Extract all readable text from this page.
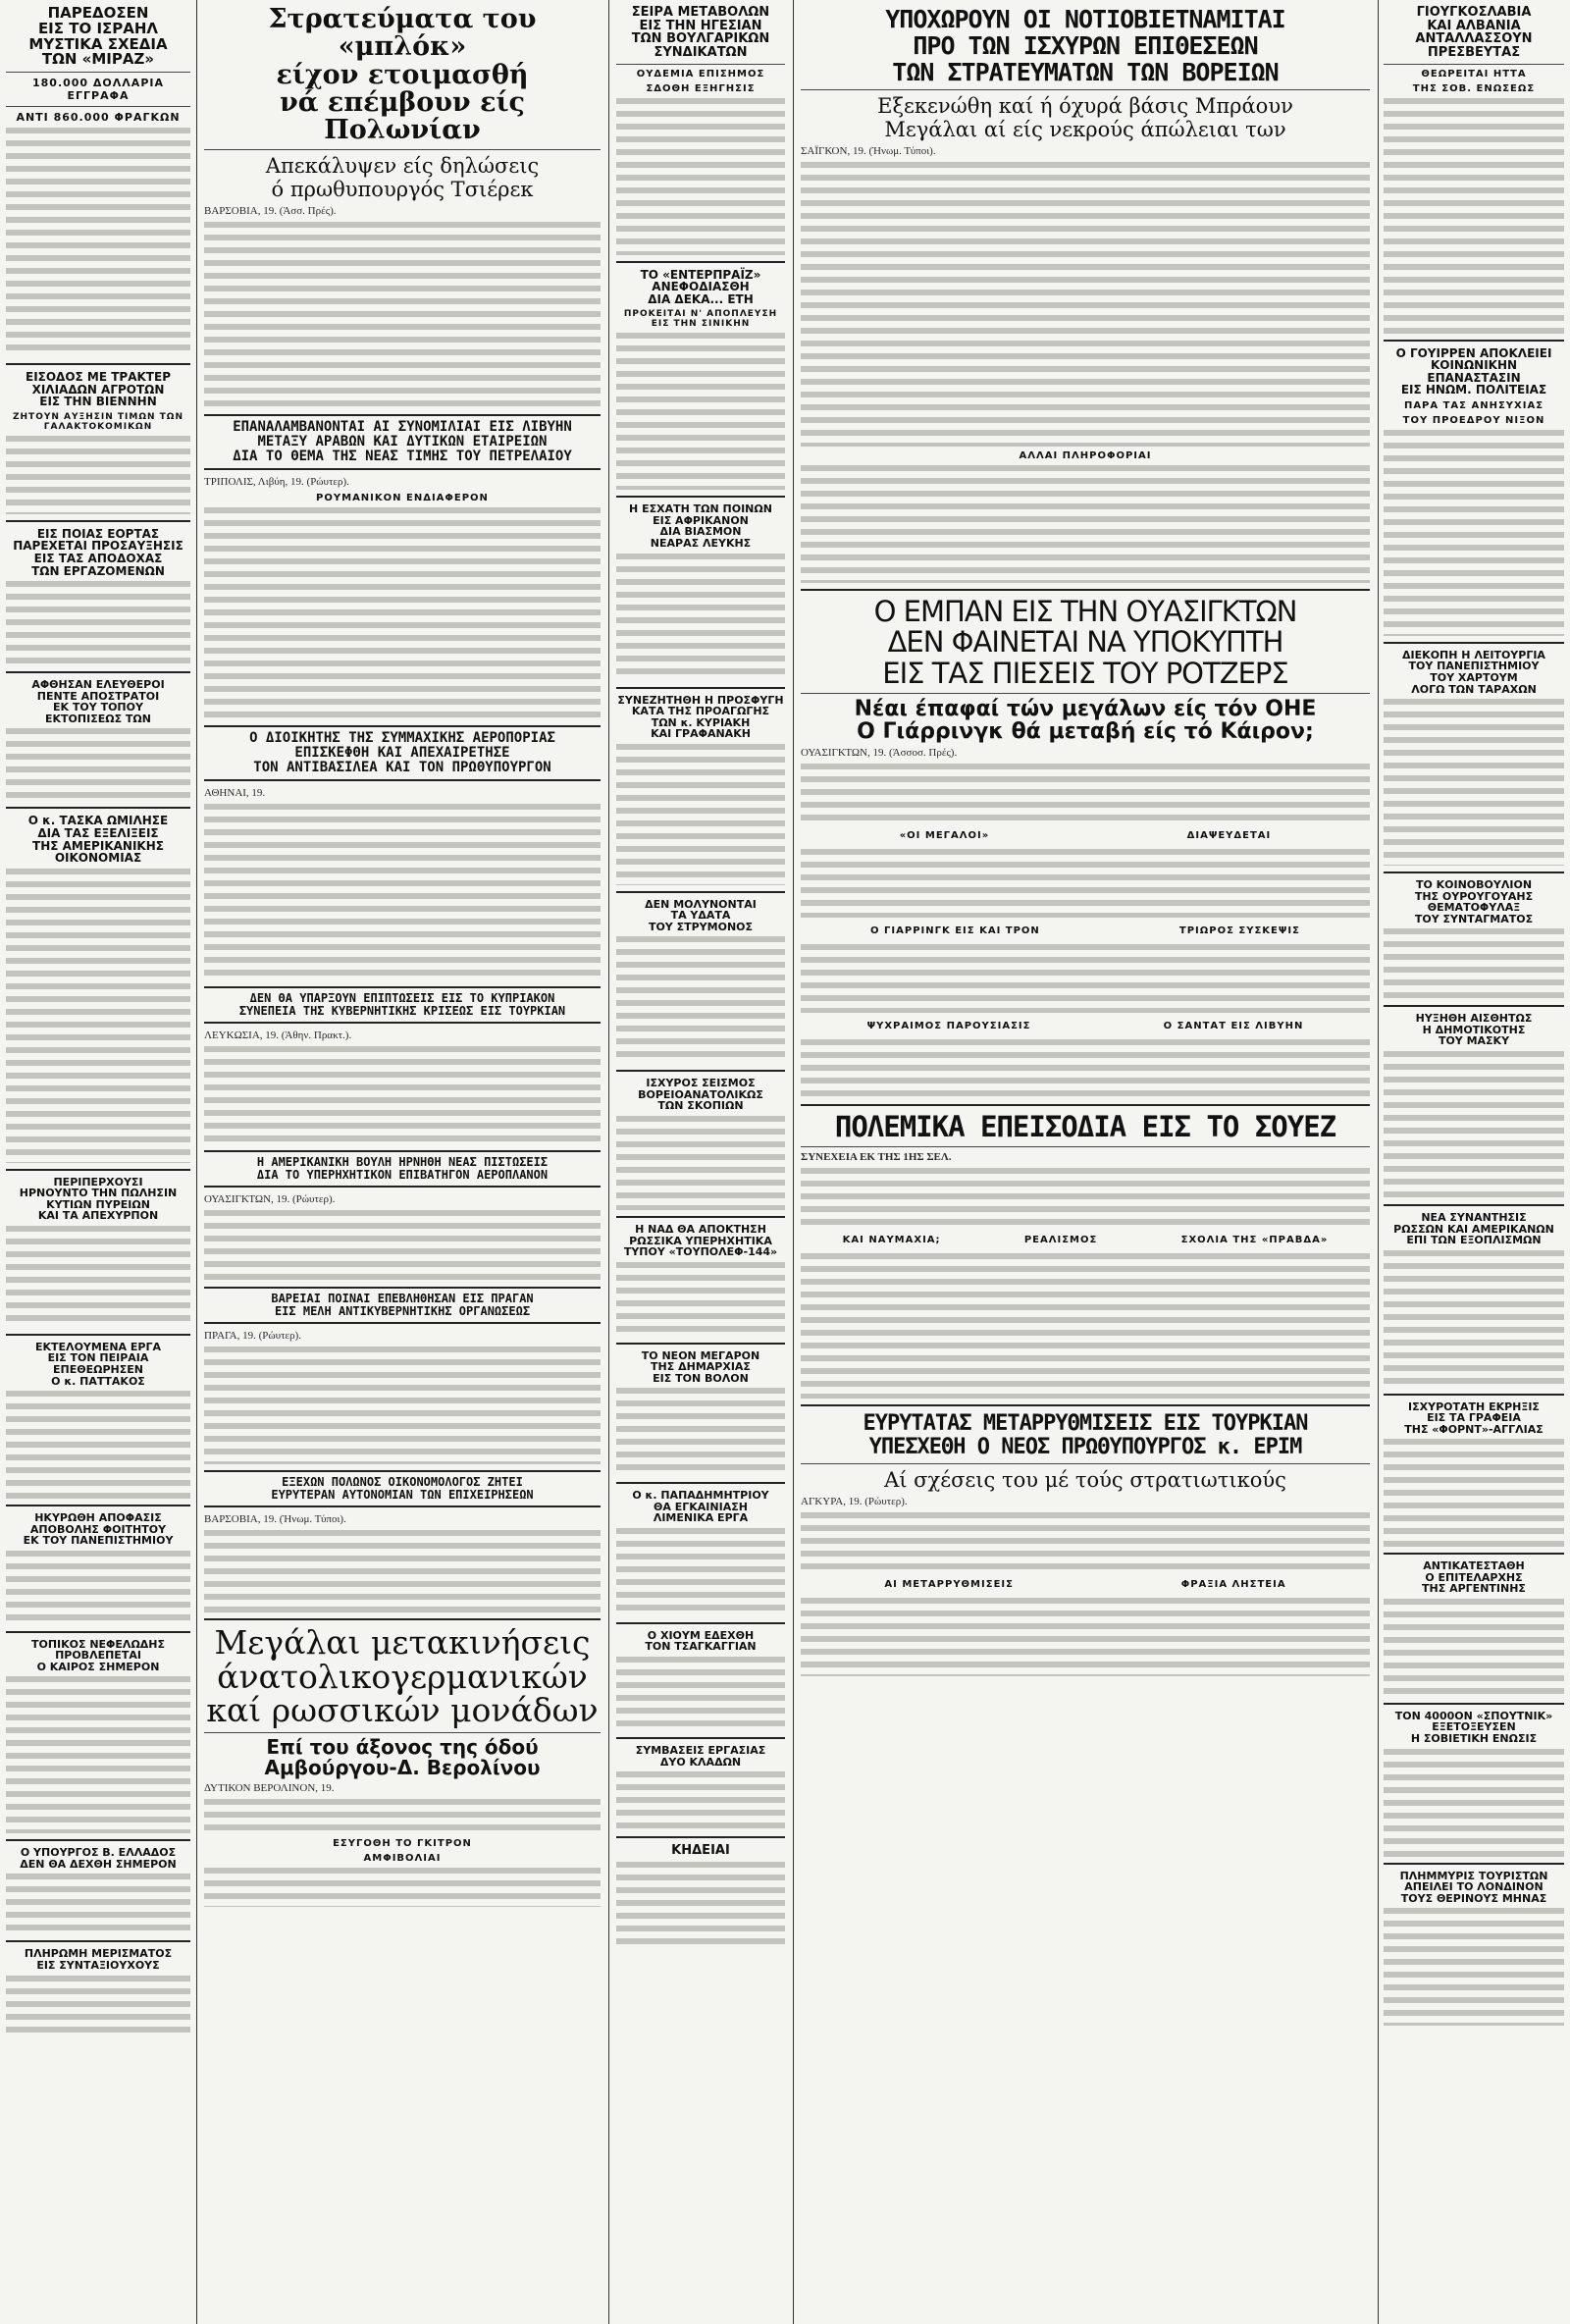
ΠΑΡΕΔΟΣΕΝ

ΕΙΣ ΤΟ ΙΣΡΑΗΛ

ΜΥΣΤΙΚΑ ΣΧΕΔΙΑ

ΤΩΝ «ΜΙΡΑΖ»

180.000 ΔΟΛΛΑΡΙΑ ΕΓΓΡΑΦΑ

ΑΝΤΙ 860.000 ΦΡΑΓΚΩΝ

ΕΙΣΟΔΟΣ ΜΕ ΤΡΑΚΤΕΡ

ΧΙΛΙΑΔΩΝ ΑΓΡΟΤΩΝ

ΕΙΣ ΤΗΝ ΒΙΕΝΝΗΝ

ΖΗΤΟΥΝ ΑΥΞΗΣΙΝ ΤΙΜΩΝ ΤΩΝ ΓΑΛΑΚΤΟΚΟΜΙΚΩΝ

ΕΙΣ ΠΟΙΑΣ ΕΟΡΤΑΣ

ΠΑΡΕΧΕΤΑΙ ΠΡΟΣΑΥΞΗΣΙΣ

ΕΙΣ ΤΑΣ ΑΠΟΔΟΧΑΣ

ΤΩΝ ΕΡΓΑΖΟΜΕΝΩΝ

ΑΦΘΗΣΑΝ ΕΛΕΥΘΕΡΟΙ

ΠΕΝΤΕ ΑΠΟΣΤΡΑΤΟΙ

ΕΚ ΤΟΥ ΤΟΠΟΥ

ΕΚΤΟΠΙΣΕΩΣ ΤΩΝ

Ο κ. ΤΑΣΚΑ ΩΜΙΛΗΣΕ

ΔΙΑ ΤΑΣ ΕΞΕΛΙΞΕΙΣ

ΤΗΣ ΑΜΕΡΙΚΑΝΙΚΗΣ

ΟΙΚΟΝΟΜΙΑΣ

ΠΕΡΙΠΕΡΧΟΥΣΙ

ΗΡΝΟΥΝΤΟ ΤΗΝ ΠΩΛΗΣΙΝ

ΚΥΤΙΩΝ ΠΥΡΕΙΩΝ

ΚΑΙ ΤΑ ΑΠΕΧΥΡΠΟΝ

ΕΚΤΕΛΟΥΜΕΝΑ ΕΡΓΑ

ΕΙΣ ΤΟΝ ΠΕΙΡΑΙΑ

ΕΠΕΘΕΩΡΗΣΕΝ

Ο κ. ΠΑΤΤΑΚΟΣ

ΗΚΥΡΩΘΗ ΑΠΟΦΑΣΙΣ

ΑΠΟΒΟΛΗΣ ΦΟΙΤΗΤΟΥ

ΕΚ ΤΟΥ ΠΑΝΕΠΙΣΤΗΜΙΟΥ

ΤΟΠΙΚΟΣ ΝΕΦΕΛΩΔΗΣ

ΠΡΟΒΛΕΠΕΤΑΙ

Ο ΚΑΙΡΟΣ ΣΗΜΕΡΟΝ

Ο ΥΠΟΥΡΓΟΣ Β. ΕΛΛΑΔΟΣ

ΔΕΝ ΘΑ ΔΕΧΘΗ ΣΗΜΕΡΟΝ

ΠΛΗΡΩΜΗ ΜΕΡΙΣΜΑΤΟΣ

ΕΙΣ ΣΥΝΤΑΞΙΟΥΧΟΥΣ

Στρατεύματα του «μπλόκ»

είχον ετοιμασθή

νά επέμβουν είς Πολωνίαν

Απεκάλυψεν είς δηλώσεις

ό πρωθυπουργός Τσιέρεκ

ΒΑΡΣΟΒΙΑ, 19. (Άσσ. Πρές).

ΕΠΑΝΑΛΑΜΒΑΝΟΝΤΑΙ ΑΙ ΣΥΝΟΜΙΛΙΑΙ ΕΙΣ ΛΙΒΥΗΝ

ΜΕΤΑΞΥ ΑΡΑΒΩΝ ΚΑΙ ΔΥΤΙΚΩΝ ΕΤΑΙΡΕΙΩΝ

ΔΙΑ ΤΟ ΘΕΜΑ ΤΗΣ ΝΕΑΣ ΤΙΜΗΣ ΤΟΥ ΠΕΤΡΕΛΑΙΟΥ

ΤΡΙΠΟΛΙΣ, Λιβύη, 19. (Ρώυτερ).

ΡΟΥΜΑΝΙΚΟΝ ΕΝΔΙΑΦΕΡΟΝ

Ο ΔΙΟΙΚΗΤΗΣ ΤΗΣ ΣΥΜΜΑΧΙΚΗΣ ΑΕΡΟΠΟΡΙΑΣ

ΕΠΙΣΚΕΦΘΗ ΚΑΙ ΑΠΕΧΑΙΡΕΤΗΣΕ

ΤΟΝ ΑΝΤΙΒΑΣΙΛΕΑ ΚΑΙ ΤΟΝ ΠΡΩΘΥΠΟΥΡΓΟΝ

ΑΘΗΝΑΙ, 19.

ΔΕΝ ΘΑ ΥΠΑΡΞΟΥΝ ΕΠΙΠΤΩΣΕΙΣ ΕΙΣ ΤΟ ΚΥΠΡΙΑΚΟΝ

ΣΥΝΕΠΕΙΑ ΤΗΣ ΚΥΒΕΡΝΗΤΙΚΗΣ ΚΡΙΣΕΩΣ ΕΙΣ ΤΟΥΡΚΙΑΝ

ΛΕΥΚΩΣΙΑ, 19. (Άθην. Πρακτ.).

Η ΑΜΕΡΙΚΑΝΙΚΗ ΒΟΥΛΗ ΗΡΝΗΘΗ ΝΕΑΣ ΠΙΣΤΩΣΕΙΣ

ΔΙΑ ΤΟ ΥΠΕΡΗΧΗΤΙΚΟΝ ΕΠΙΒΑΤΗΓΟΝ ΑΕΡΟΠΛΑΝΟΝ

ΟΥΑΣΙΓΚΤΩΝ, 19. (Ρώυτερ).

ΒΑΡΕΙΑΙ ΠΟΙΝΑΙ ΕΠΕΒΛΗΘΗΣΑΝ ΕΙΣ ΠΡΑΓΑΝ

ΕΙΣ ΜΕΛΗ ΑΝΤΙΚΥΒΕΡΝΗΤΙΚΗΣ ΟΡΓΑΝΩΣΕΩΣ

ΠΡΑΓΑ, 19. (Ρώυτερ).

ΕΞΕΧΩΝ ΠΟΛΩΝΟΣ ΟΙΚΟΝΟΜΟΛΟΓΟΣ ΖΗΤΕΙ

ΕΥΡΥΤΕΡΑΝ ΑΥΤΟΝΟΜΙΑΝ ΤΩΝ ΕΠΙΧΕΙΡΗΣΕΩΝ

ΒΑΡΣΟΒΙΑ, 19. (Ήνωμ. Τύποι).

Μεγάλαι μετακινήσεις

άνατολικογερμανικών

καί ρωσσικών μονάδων

Επί του άξονος της όδού

Αμβούργου-Δ. Βερολίνου

ΔΥΤΙΚΟΝ ΒΕΡΟΛΙΝΟΝ, 19.

ΕΣΥΓΟΘΗ ΤΟ ΓΚΙΤΡΟΝ

ΑΜΦΙΒΟΛΙΑΙ

ΣΕΙΡΑ ΜΕΤΑΒΟΛΩΝ

ΕΙΣ ΤΗΝ ΗΓΕΣΙΑΝ

ΤΩΝ ΒΟΥΛΓΑΡΙΚΩΝ

ΣΥΝΔΙΚΑΤΩΝ

ΟΥΔΕΜΙΑ ΕΠΙΣΗΜΟΣ

ΣΔΟΘΗ ΕΞΗΓΗΣΙΣ

ΤΟ «ΕΝΤΕΡΠΡΑΪΖ»

ΑΝΕΦΟΔΙΑΣΘΗ

ΔΙΑ ΔΕΚΑ... ΕΤΗ

ΠΡΟΚΕΙΤΑΙ Ν' ΑΠΟΠΛΕΥΣΗ ΕΙΣ ΤΗΝ ΣΙΝΙΚΗΝ

Η ΕΣΧΑΤΗ ΤΩΝ ΠΟΙΝΩΝ

ΕΙΣ ΑΦΡΙΚΑΝΟΝ

ΔΙΑ ΒΙΑΣΜΟΝ

ΝΕΑΡΑΣ ΛΕΥΚΗΣ

ΣΥΝΕΖΗΤΗΘΗ Η ΠΡΟΣΦΥΓΗ

ΚΑΤΑ ΤΗΣ ΠΡΟΑΓΩΓΗΣ

ΤΩΝ κ. ΚΥΡΙΑΚΗ

ΚΑΙ ΓΡΑΦΑΝΑΚΗ

ΔΕΝ ΜΟΛΥΝΟΝΤΑΙ

ΤΑ ΥΔΑΤΑ

ΤΟΥ ΣΤΡΥΜΟΝΟΣ

ΙΣΧΥΡΟΣ ΣΕΙΣΜΟΣ

ΒΟΡΕΙΟΑΝΑΤΟΛΙΚΩΣ

ΤΩΝ ΣΚΟΠΙΩΝ

Η ΝΑΔ ΘΑ ΑΠΟΚΤΗΣΗ

ΡΩΣΣΙΚΑ ΥΠΕΡΗΧΗΤΙΚΑ

ΤΥΠΟΥ «ΤΟΥΠΟΛΕΦ-144»

ΤΟ ΝΕΟΝ ΜΕΓΑΡΟΝ

ΤΗΣ ΔΗΜΑΡΧΙΑΣ

ΕΙΣ ΤΟΝ ΒΟΛΟΝ

Ο κ. ΠΑΠΑΔΗΜΗΤΡΙΟΥ

ΘΑ ΕΓΚΑΙΝΙΑΣΗ

ΛΙΜΕΝΙΚΑ ΕΡΓΑ

Ο ΧΙΟΥΜ ΕΔΕΧΘΗ

ΤΟΝ ΤΣΑΓΚΑΓΓΙΑΝ

ΣΥΜΒΑΣΕΙΣ ΕΡΓΑΣΙΑΣ

ΔΥΟ ΚΛΑΔΩΝ

ΚΗΔΕΙΑΙ

ΥΠΟΧΩΡΟΥΝ ΟΙ ΝΟΤΙΟΒΙΕΤΝΑΜΙΤΑΙ

ΠΡΟ ΤΩΝ ΙΣΧΥΡΩΝ ΕΠΙΘΕΣΕΩΝ

ΤΩΝ ΣΤΡΑΤΕΥΜΑΤΩΝ ΤΩΝ ΒΟΡΕΙΩΝ

Εξεκενώθη καί ή όχυρά βάσις Μπράουν

Μεγάλαι αί είς νεκρούς άπώλειαι των

ΣΑΪΓΚΟΝ, 19. (Ήνωμ. Τύποι).

ΑΛΛΑΙ ΠΛΗΡΟΦΟΡΙΑΙ

Ο ΕΜΠΑΝ ΕΙΣ ΤΗΝ ΟΥΑΣΙΓΚΤΩΝ

ΔΕΝ ΦΑΙΝΕΤΑΙ ΝΑ ΥΠΟΚΥΠΤΗ

ΕΙΣ ΤΑΣ ΠΙΕΣΕΙΣ ΤΟΥ ΡΟΤΖΕΡΣ

Νέαι έπαφαί τών μεγάλων είς τόν ΟΗΕ

Ο Γιάρρινγκ θά μεταβή είς τό Κάιρον;

ΟΥΑΣΙΓΚΤΩΝ, 19. (Άσσοσ. Πρές).

«ΟΙ ΜΕΓΑΛΟΙ»	ΔΙΑΨΕΥΔΕΤΑΙ

Ο ΓΙΑΡΡΙΝΓΚ ΕΙΣ ΚΑΙ ΤΡΟΝ	ΤΡΙΩΡΟΣ ΣΥΣΚΕΨΙΣ

ΨΥΧΡΑΙΜΟΣ ΠΑΡΟΥΣΙΑΣΙΣ	Ο ΣΑΝΤΑΤ ΕΙΣ ΛΙΒΥΗΝ

ΠΟΛΕΜΙΚΑ ΕΠΕΙΣΟΔΙΑ ΕΙΣ ΤΟ ΣΟΥΕΖ

ΣΥΝΕΧΕΙΑ ΕΚ ΤΗΣ 1ΗΣ ΣΕΛ.

ΚΑΙ ΝΑΥΜΑΧΙΑ;	ΡΕΑΛΙΣΜΟΣ	ΣΧΟΛΙΑ ΤΗΣ «ΠΡΑΒΔΑ»

ΕΥΡΥΤΑΤΑΣ ΜΕΤΑΡΡΥΘΜΙΣΕΙΣ ΕΙΣ ΤΟΥΡΚΙΑΝ

ΥΠΕΣΧΕΘΗ Ο ΝΕΟΣ ΠΡΩΘΥΠΟΥΡΓΟΣ κ. ΕΡΙΜ

Αί σχέσεις του μέ τούς στρατιωτικούς

ΑΓΚΥΡΑ, 19. (Ρώυτερ).

ΑΙ ΜΕΤΑΡΡΥΘΜΙΣΕΙΣ	ΦΡΑΞΙΑ ΛΗΣΤΕΙΑ

ΓΙΟΥΓΚΟΣΛΑΒΙΑ

ΚΑΙ ΑΛΒΑΝΙΑ

ΑΝΤΑΛΛΑΣΣΟΥΝ

ΠΡΕΣΒΕΥΤΑΣ

ΘΕΩΡΕΙΤΑΙ ΗΤΤΑ

ΤΗΣ ΣΟΒ. ΕΝΩΣΕΩΣ

Ο ΓΟΥΙΡΡΕΝ ΑΠΟΚΛΕΙΕΙ

ΚΟΙΝΩΝΙΚΗΝ

ΕΠΑΝΑΣΤΑΣΙΝ

ΕΙΣ ΗΝΩΜ. ΠΟΛΙΤΕΙΑΣ

ΠΑΡΑ ΤΑΣ ΑΝΗΣΥΧΙΑΣ

ΤΟΥ ΠΡΟΕΔΡΟΥ ΝΙΞΟΝ

ΔΙΕΚΟΠΗ Η ΛΕΙΤΟΥΡΓΙΑ

ΤΟΥ ΠΑΝΕΠΙΣΤΗΜΙΟΥ

ΤΟΥ ΧΑΡΤΟΥΜ

ΛΟΓΩ ΤΩΝ ΤΑΡΑΧΩΝ

ΤΟ ΚΟΙΝΟΒΟΥΛΙΟΝ

ΤΗΣ ΟΥΡΟΥΓΟΥΑΗΣ

ΘΕΜΑΤΟΦΥΛΑΞ

ΤΟΥ ΣΥΝΤΑΓΜΑΤΟΣ

ΗΥΞΗΘΗ ΑΙΣΘΗΤΩΣ

Η ΔΗΜΟΤΙΚΟΤΗΣ

ΤΟΥ ΜΑΣΚΥ

ΝΕΑ ΣΥΝΑΝΤΗΣΙΣ

ΡΩΣΣΩΝ ΚΑΙ ΑΜΕΡΙΚΑΝΩΝ

ΕΠΙ ΤΩΝ ΕΞΟΠΛΙΣΜΩΝ

ΙΣΧΥΡΟΤΑΤΗ ΕΚΡΗΞΙΣ

ΕΙΣ ΤΑ ΓΡΑΦΕΙΑ

ΤΗΣ «ΦΟΡΝΤ»-ΑΓΓΛΙΑΣ

ΑΝΤΙΚΑΤΕΣΤΑΘΗ

Ο ΕΠΙΤΕΛΑΡΧΗΣ

ΤΗΣ ΑΡΓΕΝΤΙΝΗΣ

ΤΟΝ 4000ΟΝ «ΣΠΟΥΤΝΙΚ»

ΕΞΕΤΟΞΕΥΣΕΝ

Η ΣΟΒΙΕΤΙΚΗ ΕΝΩΣΙΣ

ΠΛΗΜΜΥΡΙΣ ΤΟΥΡΙΣΤΩΝ

ΑΠΕΙΛΕΙ ΤΟ ΛΟΝΔΙΝΟΝ

ΤΟΥΣ ΘΕΡΙΝΟΥΣ ΜΗΝΑΣ
